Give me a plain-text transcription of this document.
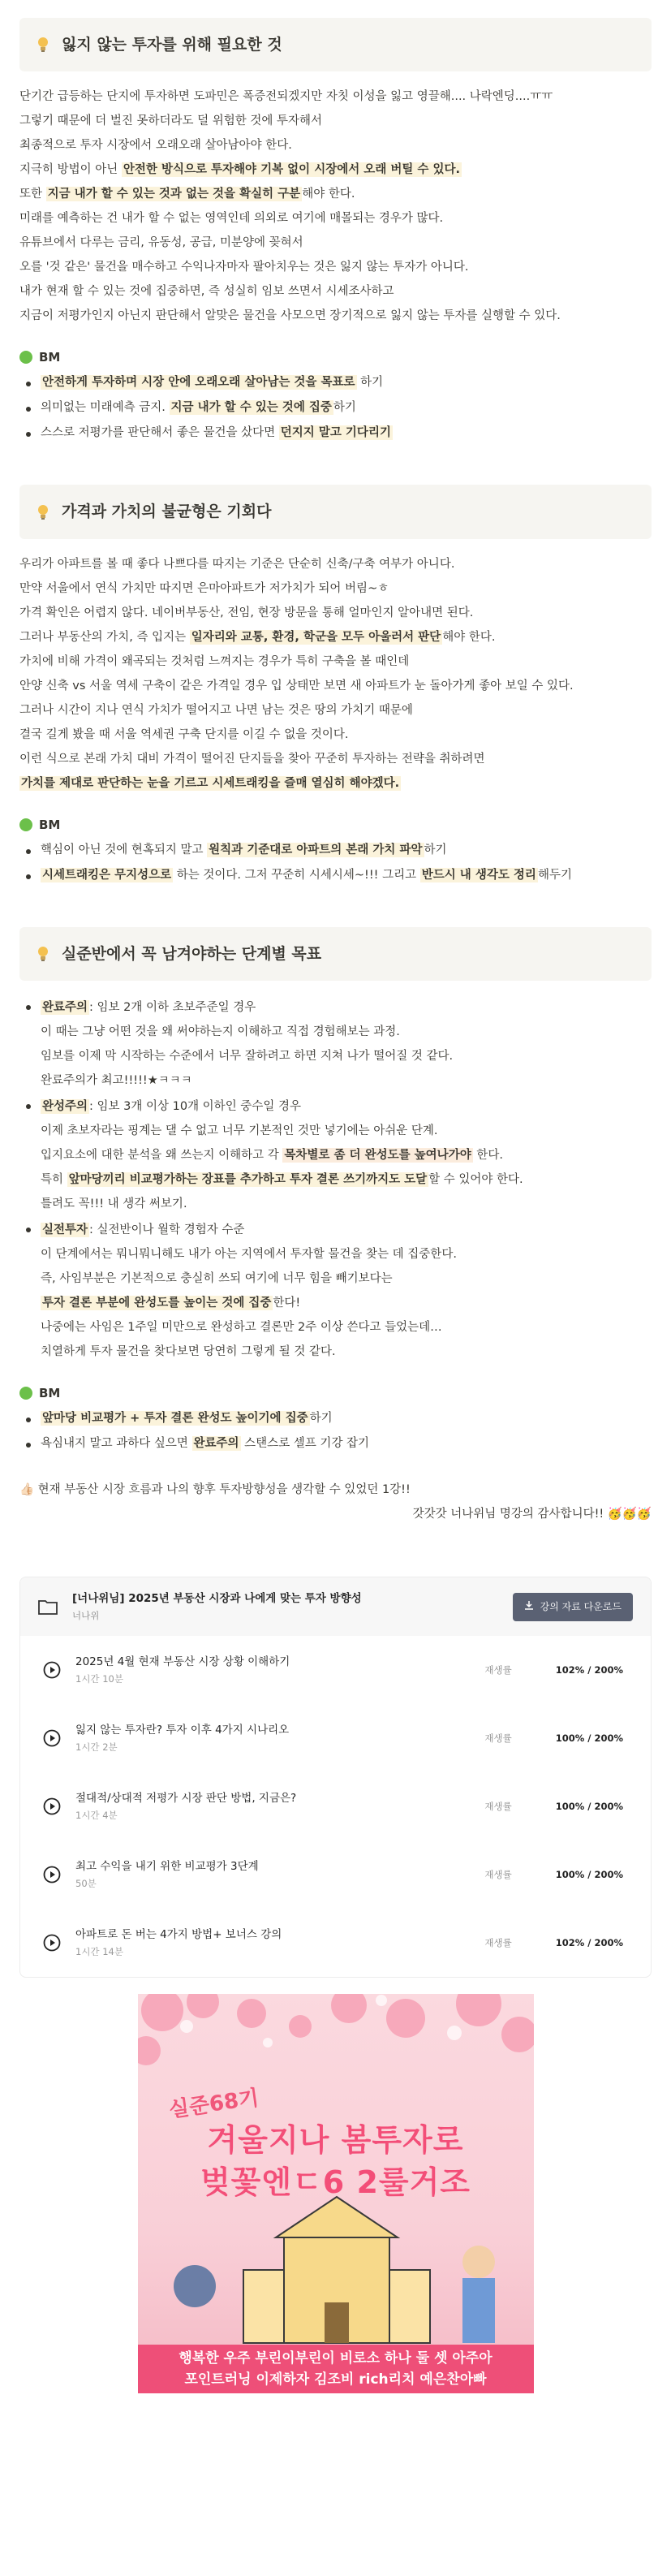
잃지 않는 투자를 위해 필요한 것
단기간 급등하는 단지에 투자하면 도파민은 폭증전되겠지만 자칫 이성을 잃고 영끌해.... 나락엔딩....ㅠㅠ
그렇기 때문에 더 벌진 못하더라도 덜 위험한 것에 투자해서
최종적으로 투자 시장에서 오래오래 살아남아야 한다.
지극히 방법이 아닌 안전한 방식으로 투자해야 기복 없이 시장에서 오래 버틸 수 있다.
또한 지금 내가 할 수 있는 것과 없는 것을 확실히 구분 해야 한다.
미래를 예측하는 건 내가 할 수 없는 영역인데 의외로 여기에 매몰되는 경우가 많다.
유튜브에서 다루는 금리, 유동성, 공급, 미분양에 꽂혀서
오를 '것 같은' 물건을 매수하고 수익나자마자 팔아치우는 것은 잃지 않는 투자가 아니다.
내가 현재 할 수 있는 것에 집중하면, 즉 성실히 임보 쓰면서 시세조사하고
지금이 저평가인지 아닌지 판단해서 알맞은 물건을 사모으면 장기적으로 잃지 않는 투자를 실행할 수 있다.
BM
안전하게 투자하며 시장 안에 오래오래 살아남는 것을 목표로 하기
의미없는 미래예측 금지. 지금 내가 할 수 있는 것에 집중 하기
스스로 저평가를 판단해서 좋은 물건을 샀다면 던지지 말고 기다리기
가격과 가치의 불균형은 기회다
우리가 아파트를 볼 때 좋다 나쁘다를 따지는 기준은 단순히 신축/구축 여부가 아니다.
만약 서울에서 연식 가치만 따지면 은마아파트가 저가치가 되어 버림~ㅎ
가격 확인은 어렵지 않다. 네이버부동산, 전임, 현장 방문을 통해 얼마인지 알아내면 된다.
그러나 부동산의 가치, 즉 입지는 일자리와 교통, 환경, 학군을 모두 아울러서 판단 해야 한다.
가치에 비해 가격이 왜곡되는 것처럼 느껴지는 경우가 특히 구축을 볼 때인데
안양 신축 vs 서울 역세 구축이 같은 가격일 경우 입 상태만 보면 새 아파트가 눈 돌아가게 좋아 보일 수 있다.
그러나 시간이 지나 연식 가치가 떨어지고 나면 남는 것은 땅의 가치기 때문에
결국 길게 봤을 때 서울 역세권 구축 단지를 이길 수 없을 것이다.
이런 식으로 본래 가치 대비 가격이 떨어진 단지들을 찾아 꾸준히 투자하는 전략을 취하려면
가치를 제대로 판단하는 눈을 기르고 시세트래킹을 즐매 열심히 해야겠다.
BM
핵심이 아닌 것에 현혹되지 말고 원칙과 기준대로 아파트의 본래 가치 파악 하기
시세트래킹은 무지성으로 하는 것이다. 그저 꾸준히 시세시세~!!! 그리고 반드시 내 생각도 정리 해두기
실준반에서 꼭 남겨야하는 단계별 목표
완료주의 : 임보 2개 이하 초보주준일 경우
이 때는 그냥 어떤 것을 왜 써야하는지 이해하고 직접 경험해보는 과정.
임보를 이제 막 시작하는 수준에서 너무 잘하려고 하면 지쳐 나가 떨어질 것 같다.
완료주의가 최고!!!!!★ㅋㅋㅋ
완성주의 : 임보 3개 이상 10개 이하인 중수일 경우
이제 초보자라는 핑계는 댈 수 없고 너무 기본적인 것만 넣기에는 아쉬운 단계.
입지요소에 대한 분석을 왜 쓰는지 이해하고 각 목차별로 좀 더 완성도를 높여나가야 한다.
특히 앞마당끼리 비교평가하는 장표를 추가하고 투자 결론 쓰기까지도 도달 할 수 있어야 한다.
틀려도 꼭!!! 내 생각 써보기.
실전투자 : 실전반이나 월학 경험자 수준
이 단계에서는 뭐니뭐니해도 내가 아는 지역에서 투자할 물건을 찾는 데 집중한다.
즉, 사임부분은 기본적으로 충실히 쓰되 여기에 너무 힘을 빼기보다는
투자 결론 부분에 완성도를 높이는 것에 집중 한다!
나중에는 사임은 1주일 미만으로 완성하고 결론만 2주 이상 쓴다고 들었는데…
치열하게 투자 물건을 찾다보면 당연히 그렇게 될 것 같다.
BM
앞마당 비교평가 + 투자 결론 완성도 높이기에 집중 하기
욕심내지 말고 과하다 싶으면 완료주의 스탠스로 셀프 기강 잡기
👍🏻 현재 부동산 시장 흐름과 나의 향후 투자방향성을 생각할 수 있었던 1강!!
갓갓갓 너나위님 명강의 감사합니다!! 🥳🥳🥳
[너나위님] 2025년 부동산 시장과 나에게 맞는 투자 방향성
너나위
강의 자료 다운로드
2025년 4월 현재 부동산 시장 상황 이해하기
1시간 10분
재생률	102% / 200%
잃지 않는 투자란? 투자 이후 4가지 시나리오
1시간 2분
재생률	100% / 200%
절대적/상대적 저평가 시장 판단 방법, 지금은?
1시간 4분
재생률	100% / 200%
최고 수익을 내기 위한 비교평가 3단계
50분
재생률	100% / 200%
아파트로 돈 버는 4가지 방법+ 보너스 강의
1시간 14분
재생률	102% / 200%
실준68기
겨울지나 봄투자로
벚꽃엔ㄷ6 2룰거조
행복한 우주 부린이부린이 비로소 하나 둘 셋 아주아
포인트러닝 이제하자 김조비 rich리치 예은찬아빠
